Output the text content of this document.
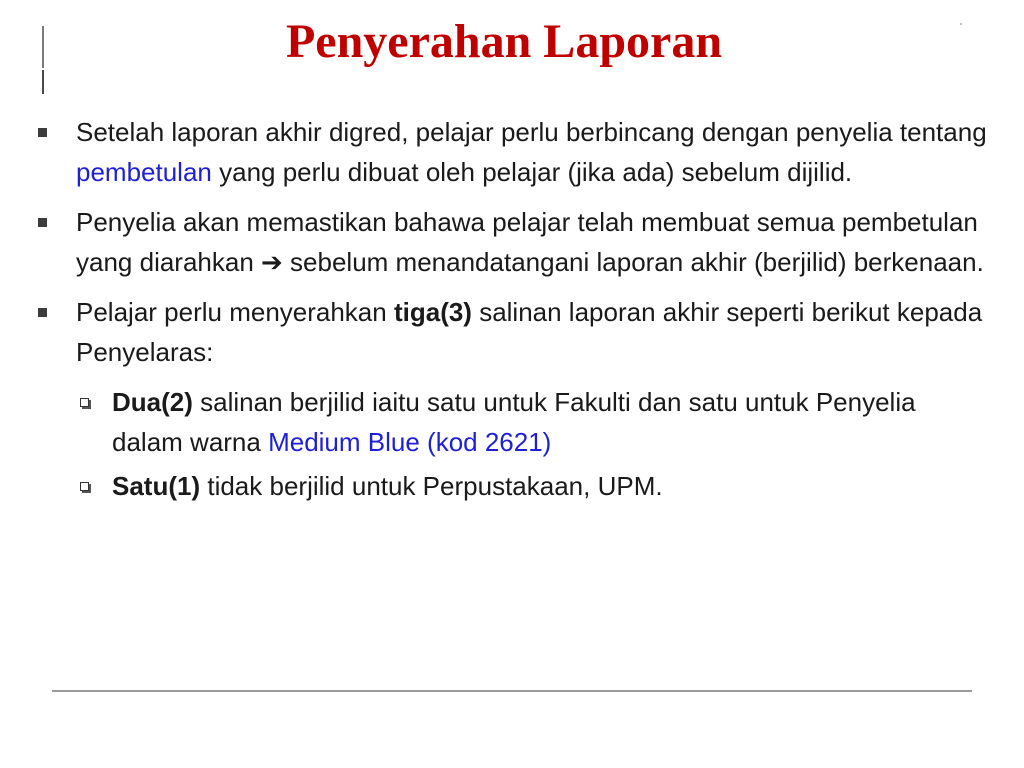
Penyerahan Laporan
Setelah laporan akhir digred, pelajar perlu berbincang dengan penyelia tentang pembetulan yang perlu dibuat oleh pelajar (jika ada) sebelum dijilid.
Penyelia akan memastikan bahawa pelajar telah membuat semua pembetulan yang diarahkan ➔ sebelum menandatangani laporan akhir (berjilid) berkenaan.
Pelajar perlu menyerahkan tiga(3) salinan laporan akhir seperti berikut kepada Penyelaras:
Dua(2) salinan berjilid iaitu satu untuk Fakulti dan satu untuk Penyelia dalam warna Medium Blue (kod 2621)
Satu(1) tidak berjilid untuk Perpustakaan, UPM.
